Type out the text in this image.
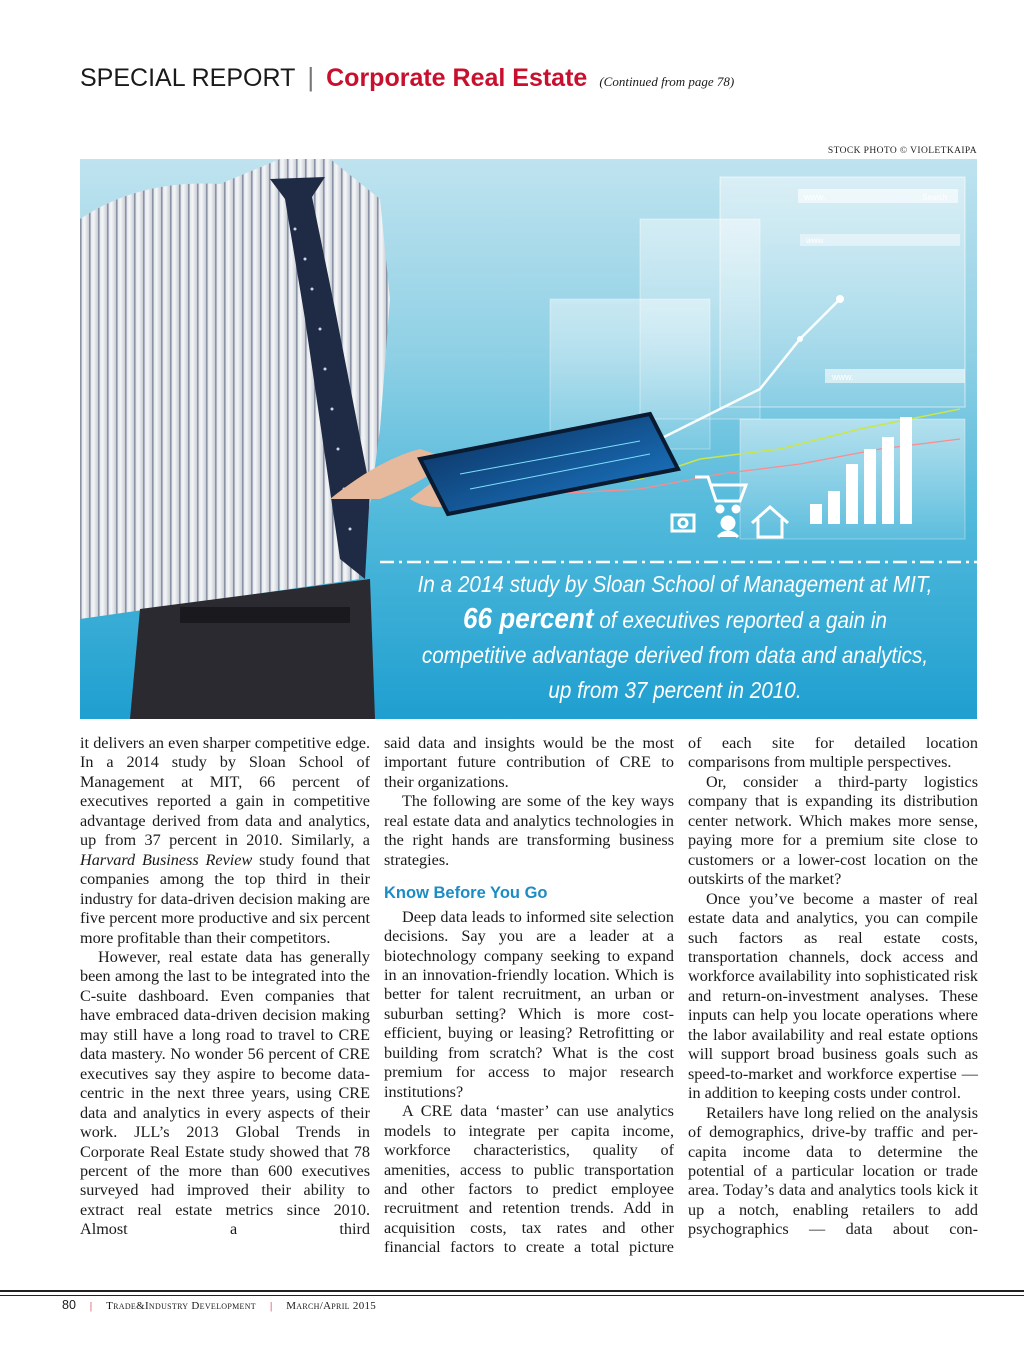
SPECIAL REPORT | Corporate Real Estate (Continued from page 78)
STOCK PHOTO © VIOLETKAIPA
www.	Search
www.
www.
In a 2014 study by Sloan School of Management at MIT, 66 percent of executives reported a gain in competitive advantage derived from data and analytics, up from 37 percent in 2010.

it delivers an even sharper competitive edge. In a 2014 study by Sloan School of Management at MIT, 66 percent of executives reported a gain in competitive advantage derived from data and analytics, up from 37 percent in 2010. Similarly, a Harvard Business Review study found that companies among the top third in their industry for data-driven decision making are five percent more productive and six percent more profitable than their competitors.

However, real estate data has generally been among the last to be integrated into the C-suite dashboard. Even companies that have embraced data-driven decision making may still have a long road to travel to CRE data mastery. No wonder 56 percent of CRE executives say they aspire to become data-centric in the next three years, using CRE data and analytics in every aspects of their work. JLL’s 2013 Global Trends in Corporate Real Estate study showed that 78 percent of the more than 600 executives surveyed had improved their ability to extract real estate metrics since 2010. Almost a third

said data and insights would be the most important future contribution of CRE to their organizations.

The following are some of the key ways real estate data and analytics technologies in the right hands are transforming business strategies.

Know Before You Go

Deep data leads to informed site selection decisions. Say you are a leader at a biotechnology company seeking to expand in an innovation-friendly location. Which is better for talent recruitment, an urban or suburban setting? Which is more cost-efficient, buying or leasing? Retrofitting or building from scratch? What is the cost premium for access to major research institutions?

A CRE data ‘master’ can use analytics models to integrate per capita income, workforce characteristics, quality of amenities, access to public transportation and other factors to predict employee recruitment and retention trends. Add in acquisition costs, tax rates and other financial factors to create a total picture

of each site for detailed location comparisons from multiple perspectives.

Or, consider a third-party logistics company that is expanding its distribution center network. Which makes more sense, paying more for a premium site close to customers or a lower-cost location on the outskirts of the market?

Once you’ve become a master of real estate data and analytics, you can compile such factors as real estate costs, transportation channels, dock access and workforce availability into sophisticated risk and return-on-investment analyses. These inputs can help you locate operations where the labor availability and real estate options will support broad business goals such as speed-to-market and workforce expertise — in addition to keeping costs under control.

Retailers have long relied on the analysis of demographics, drive-by traffic and per-capita income data to determine the potential of a particular location or trade area. Today’s data and analytics tools kick it up a notch, enabling retailers to add psychographics — data about con-

80 | Trade&Industry Development | March/April 2015
